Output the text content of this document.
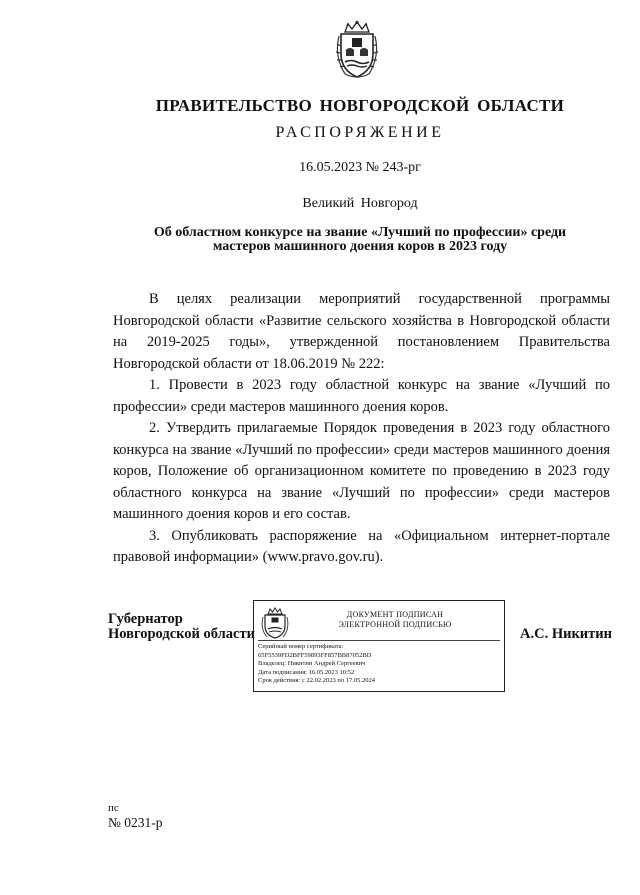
ПРАВИТЕЛЬСТВО НОВГОРОДСКОЙ ОБЛАСТИ
РАСПОРЯЖЕНИЕ
16.05.2023 № 243-рг
Великий Новгород
Об областном конкурсе на звание «Лучший по профессии» среди мастеров машинного доения коров в 2023 году

В целях реализации мероприятий государственной программы Новгородской области «Развитие сельского хозяйства в Новгородской области на 2019-2025 годы», утвержденной постановлением Правительства Новгородской области от 18.06.2019 № 222:

1. Провести в 2023 году областной конкурс на звание «Лучший по профессии» среди мастеров машинного доения коров.

2. Утвердить прилагаемые Порядок проведения в 2023 году областного конкурса на звание «Лучший по профессии» среди мастеров машинного доения коров, Положение об организационном комитете по проведению в 2023 году областного конкурса на звание «Лучший по профессии» среди мастеров машинного доения коров и его состав.

3. Опубликовать распоряжение на «Официальном интернет-портале правовой информации» (www.pravo.gov.ru).

Губернатор
Новгородской области
ДОКУМЕНТ ПОДПИСАН
ЭЛЕКТРОННОЙ ПОДПИСЬЮ
Серийный номер сертификата:
65F5539FD2BFF59893FF857BB87052BD
Владелец: Никитин Андрей Сергеевич
Дата подписания: 16.05.2023 10:52
Срок действия: с 22.02.2023 по 17.05.2024
А.С. Никитин
пс
№ 0231-р
